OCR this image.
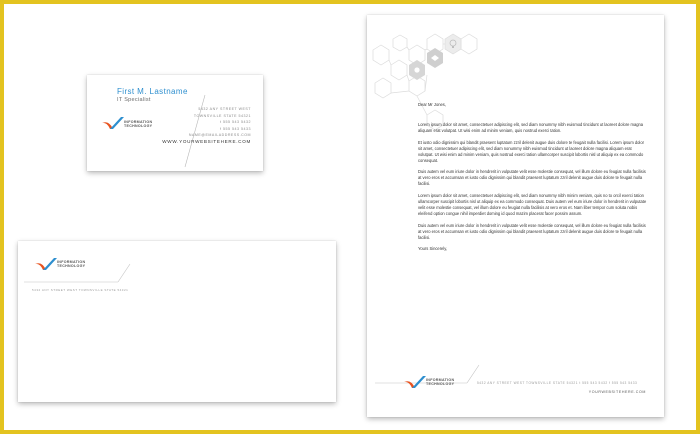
First M. Lastname
IT Specialist
INFORMATION
TECHNOLOGY
5432 ANY STREET WEST
TOWNSVILLE STATE 54321
t 555 543 5432
f 555 543 5433
NAME@EMAILADDRESS.COM
WWW.YOURWEBSITEHERE.COM
INFORMATION
TECHNOLOGY
5432 ANY STREET WEST TOWNSVILLE STATE 54321

Dear Mr Jones,

Lorem ipsum dolor sit amet, consectetuer adipiscing elit, sed diam nonummy nibh euismod tincidunt ut laoreet dolore magna aliquam erat volutpat. Ut wisi enim ad minim veniam, quis nostrud exerci tation.

Et iusto odio dignissim qui blandit praesent luptatum zzril delenit augue duis dolore te feugait nulla facilisi. Lorem ipsum dolor sit amet, consectetuer adipiscing elit, sed diam nonummy nibh euismod tincidunt ut laoreet dolore magna aliquam erat volutpat. Ut wisi enim ad minim veniam, quis nostrud exerci tation ullamcorper suscipit lobortis nisl ut aliquip ex ea commodo consequat.

Duis autem vel eum iriure dolor in hendrerit in vulputate velit esse molestie consequat, vel illum dolore eu feugiat nulla facilisis at vero eros et accumsan et iusto odio dignissim qui blandit praesent luptatum zzril delenit augue duis dolore te feugait nulla facilisi.

Lorem ipsum dolor sit amet, consectetuer adipiscing elit, sed diam nonummy nibh minim veniam, quis no to orcil exerci tation ullamcorper suscipit lobortis nisl ut aliquip ex ea commodo consequat. Duis autem vel eum iriure dolor in hendrerit in vulputate velit esse molestie consequat, vel illum dolore eu feugiat nulla facilisis at vero eros et. Nam liber tempor cum soluta nobis eleifend option congue nihil imperdiet doming id quod mazim placerat facer possim assum.

Duis autem vel eum iriure dolor in hendrerit in vulputate velit esse molestie consequat, vel illum dolore eu feugiat nulla facilisis at vero eros et accumsan et iusto odio dignissim qui blandit praesent luptatum zzril delenit augue duis dolore te feugait nulla facilisi.

Yours Sincerely,

INFORMATION
TECHNOLOGY	5432 ANY STREET WEST TOWNSVILLE STATE 54321 t 555 543 5432 f 555 543 5433
YOURWEBSITEHERE.COM
